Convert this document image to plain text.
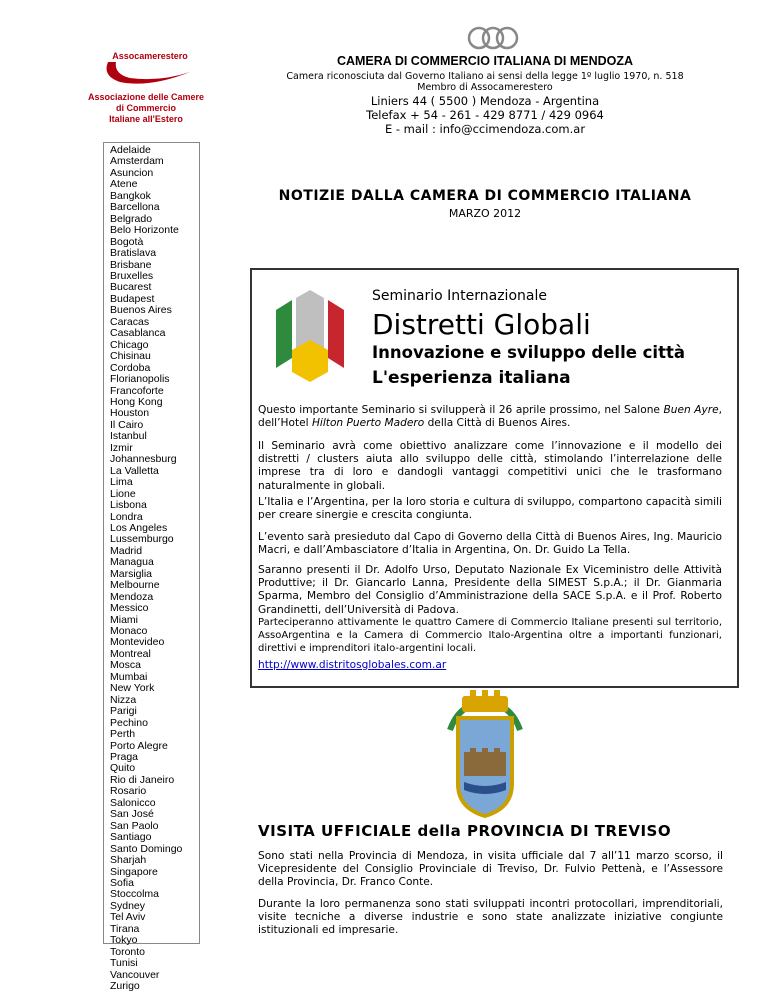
Assocamerestero
Associazione delle Camere
di Commercio
Italiane all'Estero
Adelaide
Amsterdam
Asuncion
Atene
Bangkok
Barcellona
Belgrado
Belo Horizonte
Bogotà
Bratislava
Brisbane
Bruxelles
Bucarest
Budapest
Buenos Aires
Caracas
Casablanca
Chicago
Chisinau
Cordoba
Florianopolis
Francoforte
Hong Kong
Houston
Il Cairo
Istanbul
Izmir
Johannesburg
La Valletta
Lima
Lione
Lisbona
Londra
Los Angeles
Lussemburgo
Madrid
Managua
Marsiglia
Melbourne
Mendoza
Messico
Miami
Monaco
Montevideo
Montreal
Mosca
Mumbai
New York
Nizza
Parigi
Pechino
Perth
Porto Alegre
Praga
Quito
Rio di Janeiro
Rosario
Salonicco
San José
San Paolo
Santiago
Santo Domingo
Sharjah
Singapore
Sofia
Stoccolma
Sydney
Tel Aviv
Tirana
Tokyo
Toronto
Tunisi
Vancouver
Zurigo
CAMERA DI COMMERCIO ITALIANA DI MENDOZA
Camera riconosciuta dal Governo Italiano ai sensi della legge 1º luglio 1970, n. 518
Membro di Assocamerestero
Liniers 44 ( 5500 ) Mendoza - Argentina
Telefax + 54 - 261 - 429 8771 / 429 0964
E - mail : info@ccimendoza.com.ar
NOTIZIE DALLA CAMERA DI COMMERCIO ITALIANA
MARZO 2012
Seminario Internazionale
Distretti Globali
Innovazione e sviluppo delle città
L'esperienza italiana
Questo importante Seminario si svilupperà il 26 aprile prossimo, nel Salone Buen Ayre, dell’Hotel Hilton Puerto Madero della Città di Buenos Aires.
Il Seminario avrà come obiettivo analizzare come l’innovazione e il modello dei distretti / clusters aiuta allo sviluppo delle città, stimolando l’interrelazione delle imprese tra di loro e dandogli vantaggi competitivi unici che le trasformano naturalmente in globali.
L’Italia e l’Argentina, per la loro storia e cultura di sviluppo, compartono capacità simili per creare sinergie e crescita congiunta.
L’evento sarà presieduto dal Capo di Governo della Città di Buenos Aires, Ing. Mauricio Macri, e dall’Ambasciatore d’Italia in Argentina, On. Dr. Guido La Tella.
Saranno presenti il Dr. Adolfo Urso, Deputato Nazionale Ex Viceministro delle Attività Produttive; il Dr. Giancarlo Lanna, Presidente della SIMEST S.p.A.; il Dr. Gianmaria Sparma, Membro del Consiglio d’Amministrazione della SACE S.p.A. e il Prof. Roberto Grandinetti, dell’Università di Padova.
Parteciperanno attivamente le quattro Camere di Commercio Italiane presenti sul territorio, AssoArgentina e la Camera di Commercio Italo-Argentina oltre a importanti funzionari, direttivi e imprenditori italo-argentini locali.
http://www.distritosglobales.com.ar
VISITA UFFICIALE della PROVINCIA DI TREVISO
Sono stati nella Provincia di Mendoza, in visita ufficiale dal 7 all’11 marzo scorso, il Vicepresidente del Consiglio Provinciale di Treviso, Dr. Fulvio Pettenà, e l’Assessore della Provincia, Dr. Franco Conte.
Durante la loro permanenza sono stati sviluppati incontri protocollari, imprenditoriali, visite tecniche a diverse industrie e sono state analizzate iniziative congiunte istituzionali ed impresarie.
